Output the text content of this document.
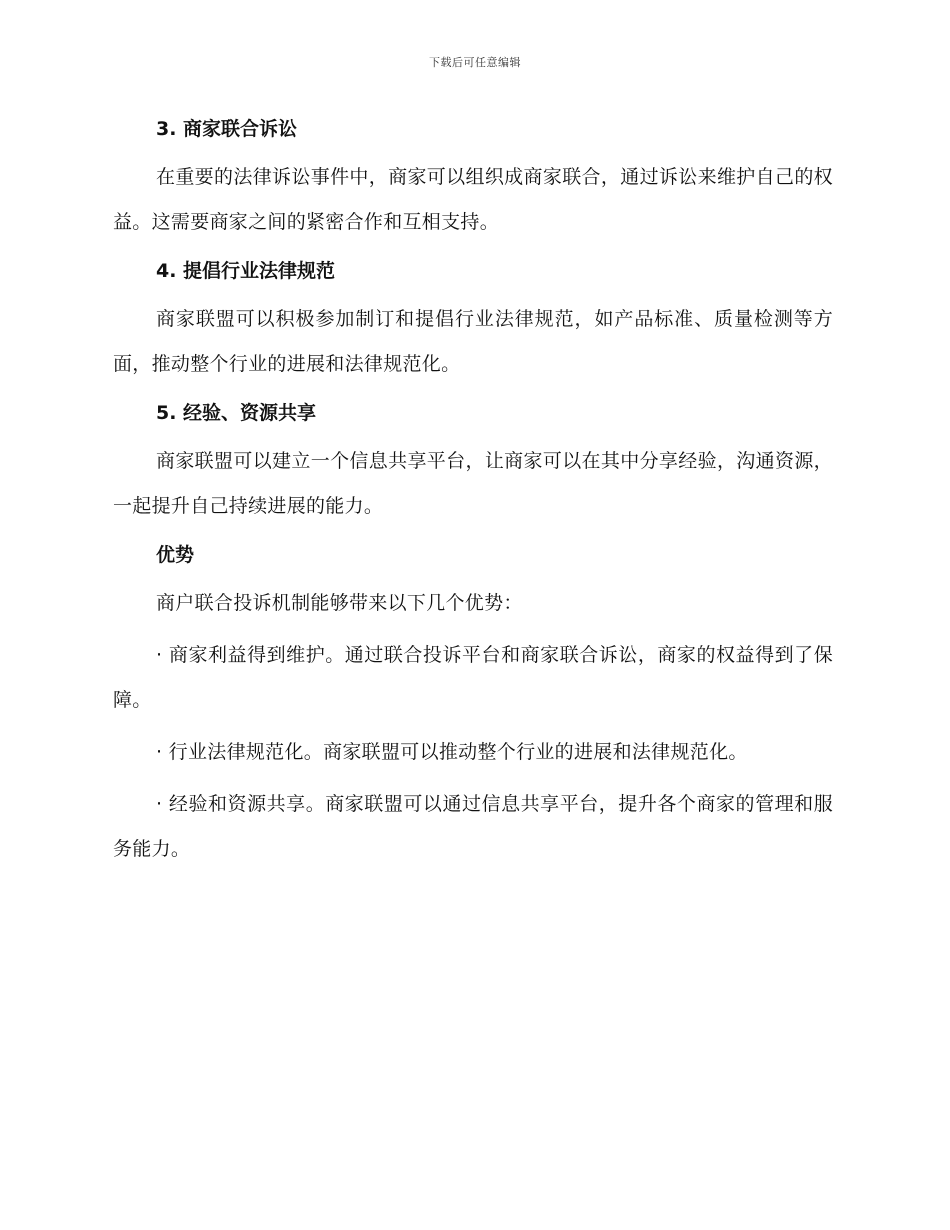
下载后可任意编辑

3. 商家联合诉讼

在重要的法律诉讼事件中，商家可以组织成商家联合，通过诉讼来维护自己的权益。这需要商家之间的紧密合作和互相支持。

4. 提倡行业法律规范

商家联盟可以积极参加制订和提倡行业法律规范，如产品标准、质量检测等方面，推动整个行业的进展和法律规范化。

5. 经验、资源共享

商家联盟可以建立一个信息共享平台，让商家可以在其中分享经验，沟通资源，一起提升自己持续进展的能力。

优势

商户联合投诉机制能够带来以下几个优势：

· 商家利益得到维护。通过联合投诉平台和商家联合诉讼，商家的权益得到了保障。

· 行业法律规范化。商家联盟可以推动整个行业的进展和法律规范化。

· 经验和资源共享。商家联盟可以通过信息共享平台，提升各个商家的管理和服务能力。
